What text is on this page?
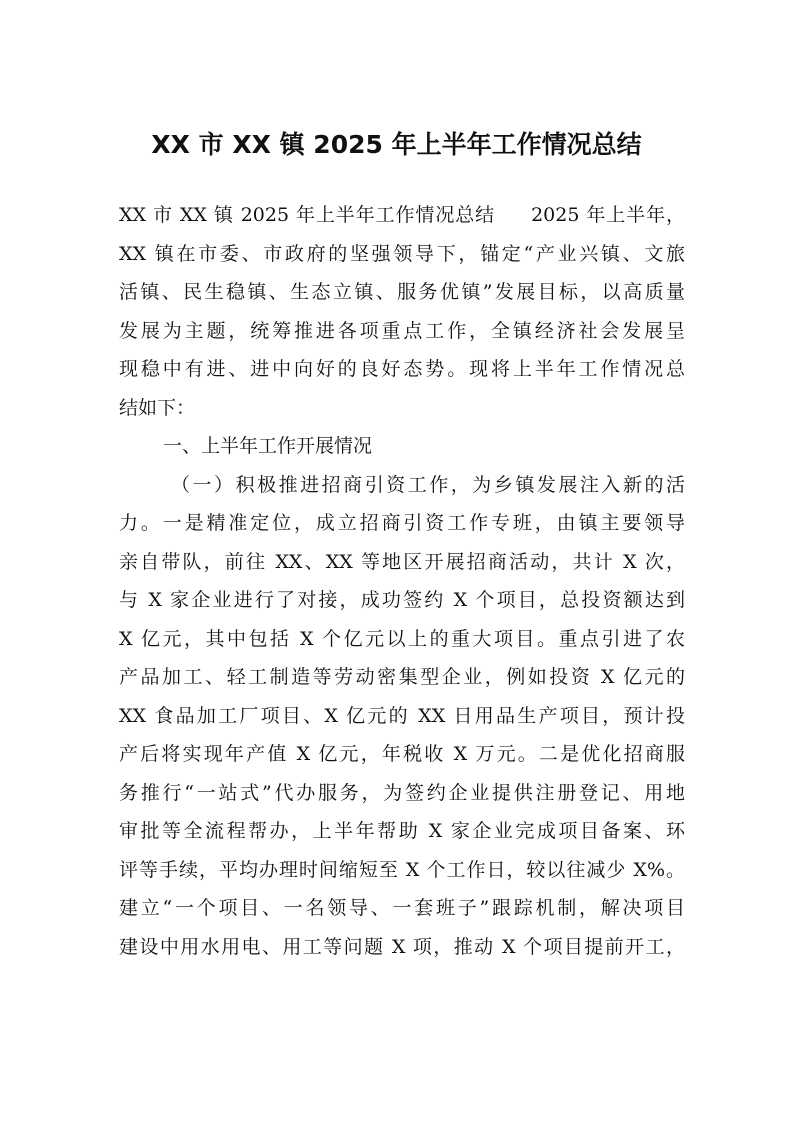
XX 市 XX 镇 2025 年上半年工作情况总结
XX 市 XX 镇 2025 年上半年工作情况总结 2025 年上半年，
XX 镇在市委、市政府的坚强领导下，锚定“产业兴镇、文旅
活镇、民生稳镇、生态立镇、服务优镇”发展目标，以高质量
发展为主题，统筹推进各项重点工作，全镇经济社会发展呈
现稳中有进、进中向好的良好态势。现将上半年工作情况总
结如下：
一、上半年工作开展情况
（一）积极推进招商引资工作，为乡镇发展注入新的活
力。一是精准定位，成立招商引资工作专班，由镇主要领导
亲自带队，前往 XX、XX 等地区开展招商活动，共计 X 次，
与 X 家企业进行了对接，成功签约 X 个项目，总投资额达到
X 亿元，其中包括 X 个亿元以上的重大项目。重点引进了农
产品加工、轻工制造等劳动密集型企业，例如投资 X 亿元的
XX 食品加工厂项目、X 亿元的 XX 日用品生产项目，预计投
产后将实现年产值 X 亿元，年税收 X 万元。二是优化招商服
务推行“一站式”代办服务，为签约企业提供注册登记、用地
审批等全流程帮办，上半年帮助 X 家企业完成项目备案、环
评等手续，平均办理时间缩短至 X 个工作日，较以往减少 X%。
建立“一个项目、一名领导、一套班子”跟踪机制，解决项目
建设中用水用电、用工等问题 X 项，推动 X 个项目提前开工，
